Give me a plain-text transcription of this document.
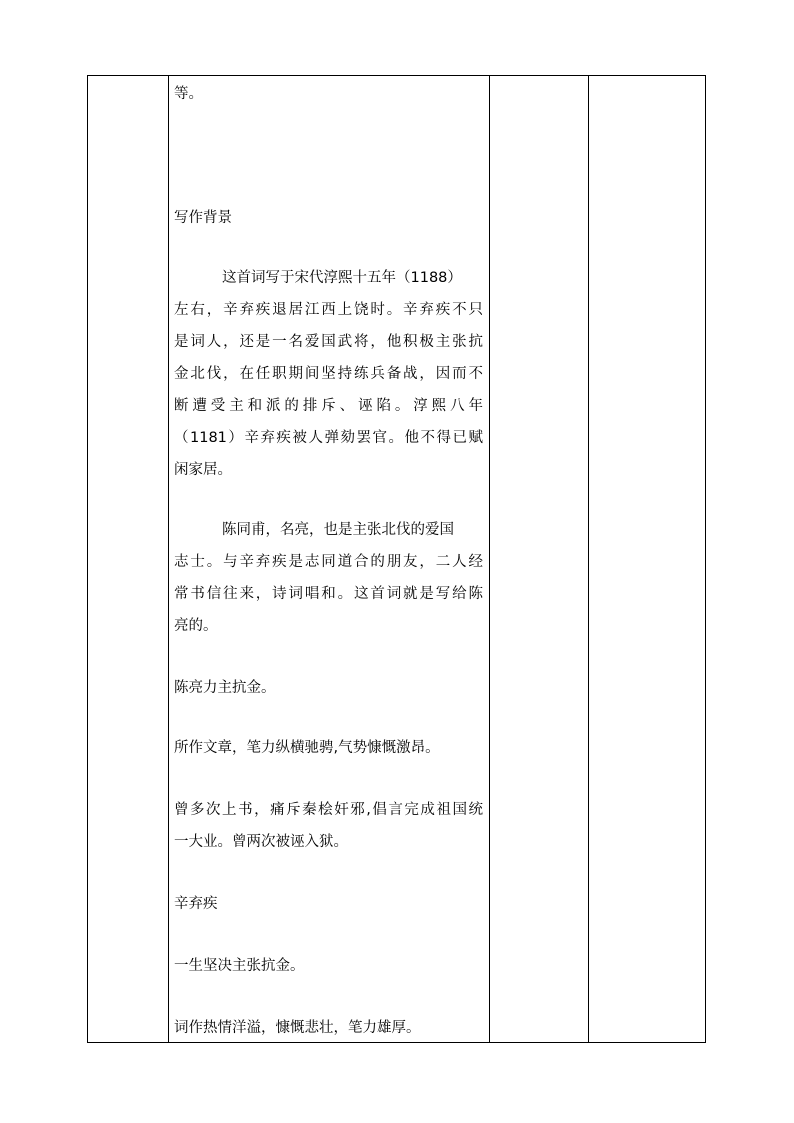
等。
写作背景
这首词写于宋代淳熙十五年（1188）
左右，辛弃疾退居江西上饶时。辛弃疾不只
是词人，还是一名爱国武将，他积极主张抗
金北伐，在任职期间坚持练兵备战，因而不
断遭受主和派的排斥、诬陷。淳熙八年
（1181）辛弃疾被人弹劾罢官。他不得已赋
闲家居。
陈同甫，名亮，也是主张北伐的爱国
志士。与辛弃疾是志同道合的朋友，二人经
常书信往来，诗词唱和。这首词就是写给陈
亮的。
陈亮力主抗金。
所作文章，笔力纵横驰骋,气势慷慨激昂。
曾多次上书，痛斥秦桧奸邪,倡言完成祖国统
一大业。曾两次被诬入狱。
辛弃疾
一生坚决主张抗金。
词作热情洋溢，慷慨悲壮，笔力雄厚。
